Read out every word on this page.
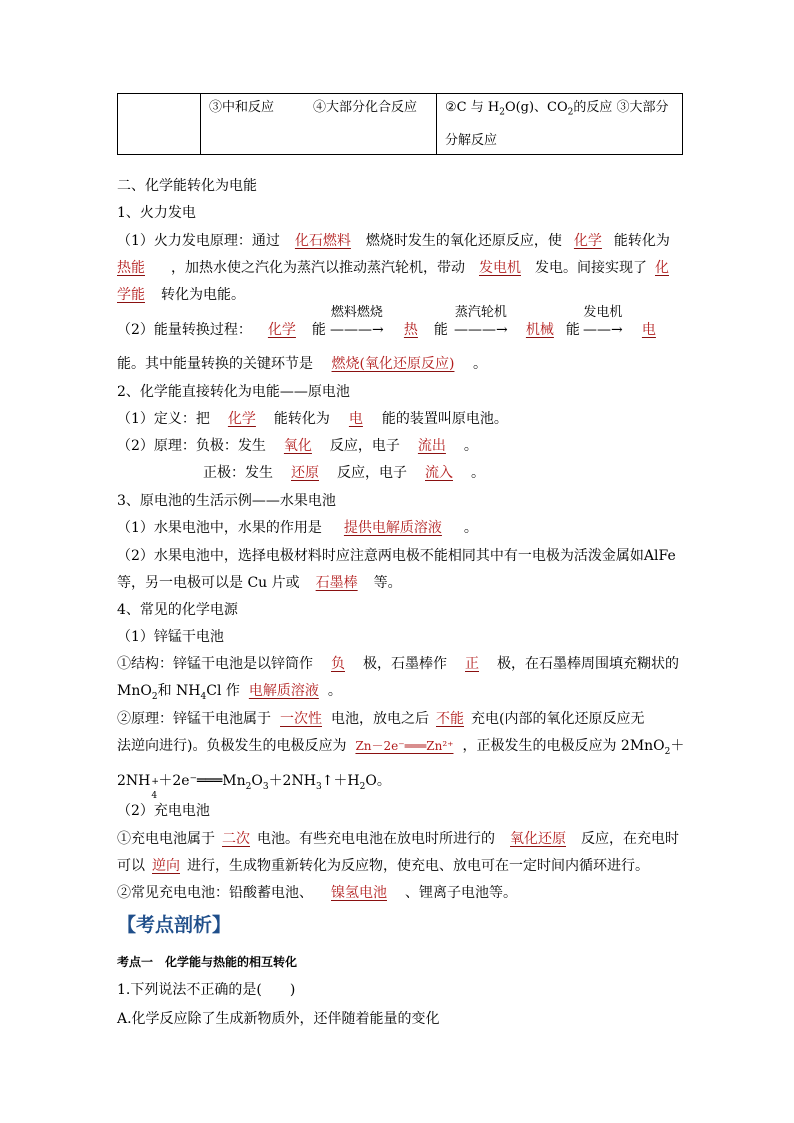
	③中和反应　　　④大部分化合反应	②C 与 $H_2O(g)$、$CO_2$的反应 ③大部分
分解反应
二、化学能转化为电能
1、火力发电
（1）火力发电原理：通过 化石燃料 燃烧时发生的氧化还原反应，使 化学 能转化为
热能 ，加热水使之汽化为蒸汽以推动蒸汽轮机，带动 发电机 发电。间接实现了 化
学能 转化为电能。
（2）能量转换过程： 化学 能
燃料燃烧
———→ 热 能
蒸汽轮机
———→ 机械 能
发电机
——→ 电
能。其中能量转换的关键环节是 燃烧(氧化还原反应) 。
2、化学能直接转化为电能——原电池
（1）定义：把 化学 能转化为 电 能的装置叫原电池。
（2）原理：负极：发生 氧化 反应，电子 流出 。
正极：发生 还原 反应，电子 流入 。
3、原电池的生活示例——水果电池
（1）水果电池中，水果的作用是 提供电解质溶液 。
（2）水果电池中，选择电极材料时应注意两电极不能相同其中有一电极为活泼金属如AlFe
等，另一电极可以是 Cu 片或 石墨棒 等。
4、常见的化学电源
（1）锌锰干电池
①结构：锌锰干电池是以锌筒作 负 极，石墨棒作 正 极，在石墨棒周围填充糊状的
MnO$_2$和 $NH_4Cl$ 作 电解质溶液 。
②原理：锌锰干电池属于 一次性 电池，放电之后 不能 充电(内部的氧化还原反应无
法逆向进行)。负极发生的电极反应为 Zn－2e⁻═══Zn²⁺ ，正极发生的电极反应为 2MnO$_2$＋
2NH +
4
$+2e^-═══Mn_2O_3+2NH_3↑+H_2O$。
（2）充电电池
①充电电池属于 二次 电池。有些充电电池在放电时所进行的 氧化还原 反应，在充电时
可以 逆向 进行，生成物重新转化为反应物，使充电、放电可在一定时间内循环进行。
②常见充电电池：铅酸蓄电池、 镍氢电池 、锂离子电池等。
【考点剖析】
考点一　化学能与热能的相互转化
1.下列说法不正确的是(　　)
A.化学反应除了生成新物质外，还伴随着能量的变化
